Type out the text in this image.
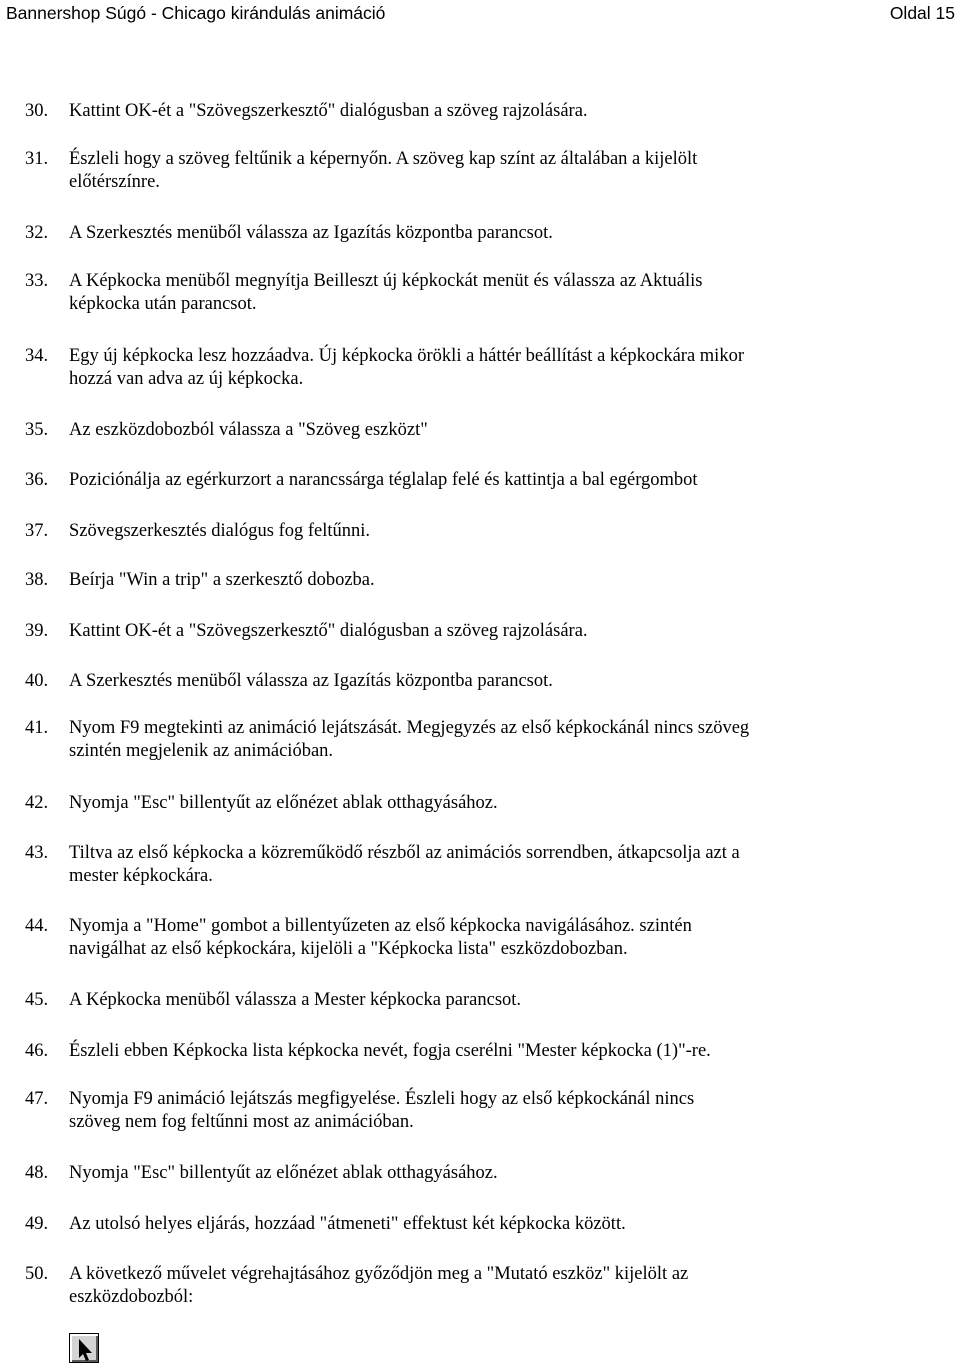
Bannershop Súgó - Chicago kirándulás animáció	Oldal 15
30. Kattint OK-ét a "Szövegszerkesztő" dialógusban a szöveg rajzolására.
31. Észleli hogy a szöveg feltűnik a képernyőn. A szöveg kap színt az általában a kijelölt
előtérszínre.
32. A Szerkesztés menüből válassza az Igazítás központba parancsot.
33. A Képkocka menüből megnyítja Beilleszt új képkockát menüt és válassza az Aktuális
képkocka után parancsot.
34. Egy új képkocka lesz hozzáadva. Új képkocka örökli a háttér beállítást a képkockára mikor
hozzá van adva az új képkocka.
35. Az eszközdobozból válassza a "Szöveg eszközt"
36. Poziciónálja az egérkurzort a narancssárga téglalap felé és kattintja a bal egérgombot
37. Szövegszerkesztés dialógus fog feltűnni.
38. Beírja "Win a trip" a szerkesztő dobozba.
39. Kattint OK-ét a "Szövegszerkesztő" dialógusban a szöveg rajzolására.
40. A Szerkesztés menüből válassza az Igazítás központba parancsot.
41. Nyom F9 megtekinti az animáció lejátszását. Megjegyzés az első képkockánál nincs szöveg
szintén megjelenik az animációban.
42. Nyomja "Esc" billentyűt az előnézet ablak otthagyásához.
43. Tiltva az első képkocka a közreműködő részből az animációs sorrendben, átkapcsolja azt a
mester képkockára.
44. Nyomja a "Home" gombot a billentyűzeten az első képkocka navigálásához. szintén
navigálhat az első képkockára, kijelöli a "Képkocka lista" eszközdobozban.
45. A Képkocka menüből válassza a Mester képkocka parancsot.
46. Észleli ebben Képkocka lista képkocka nevét, fogja cserélni "Mester képkocka (1)"-re.
47. Nyomja F9 animáció lejátszás megfigyelése. Észleli hogy az első képkockánál nincs
szöveg nem fog feltűnni most az animációban.
48. Nyomja "Esc" billentyűt az előnézet ablak otthagyásához.
49. Az utolsó helyes eljárás, hozzáad "átmeneti" effektust két képkocka között.
50. A következő művelet végrehajtásához győződjön meg a "Mutató eszköz" kijelölt az
eszközdobozból:
